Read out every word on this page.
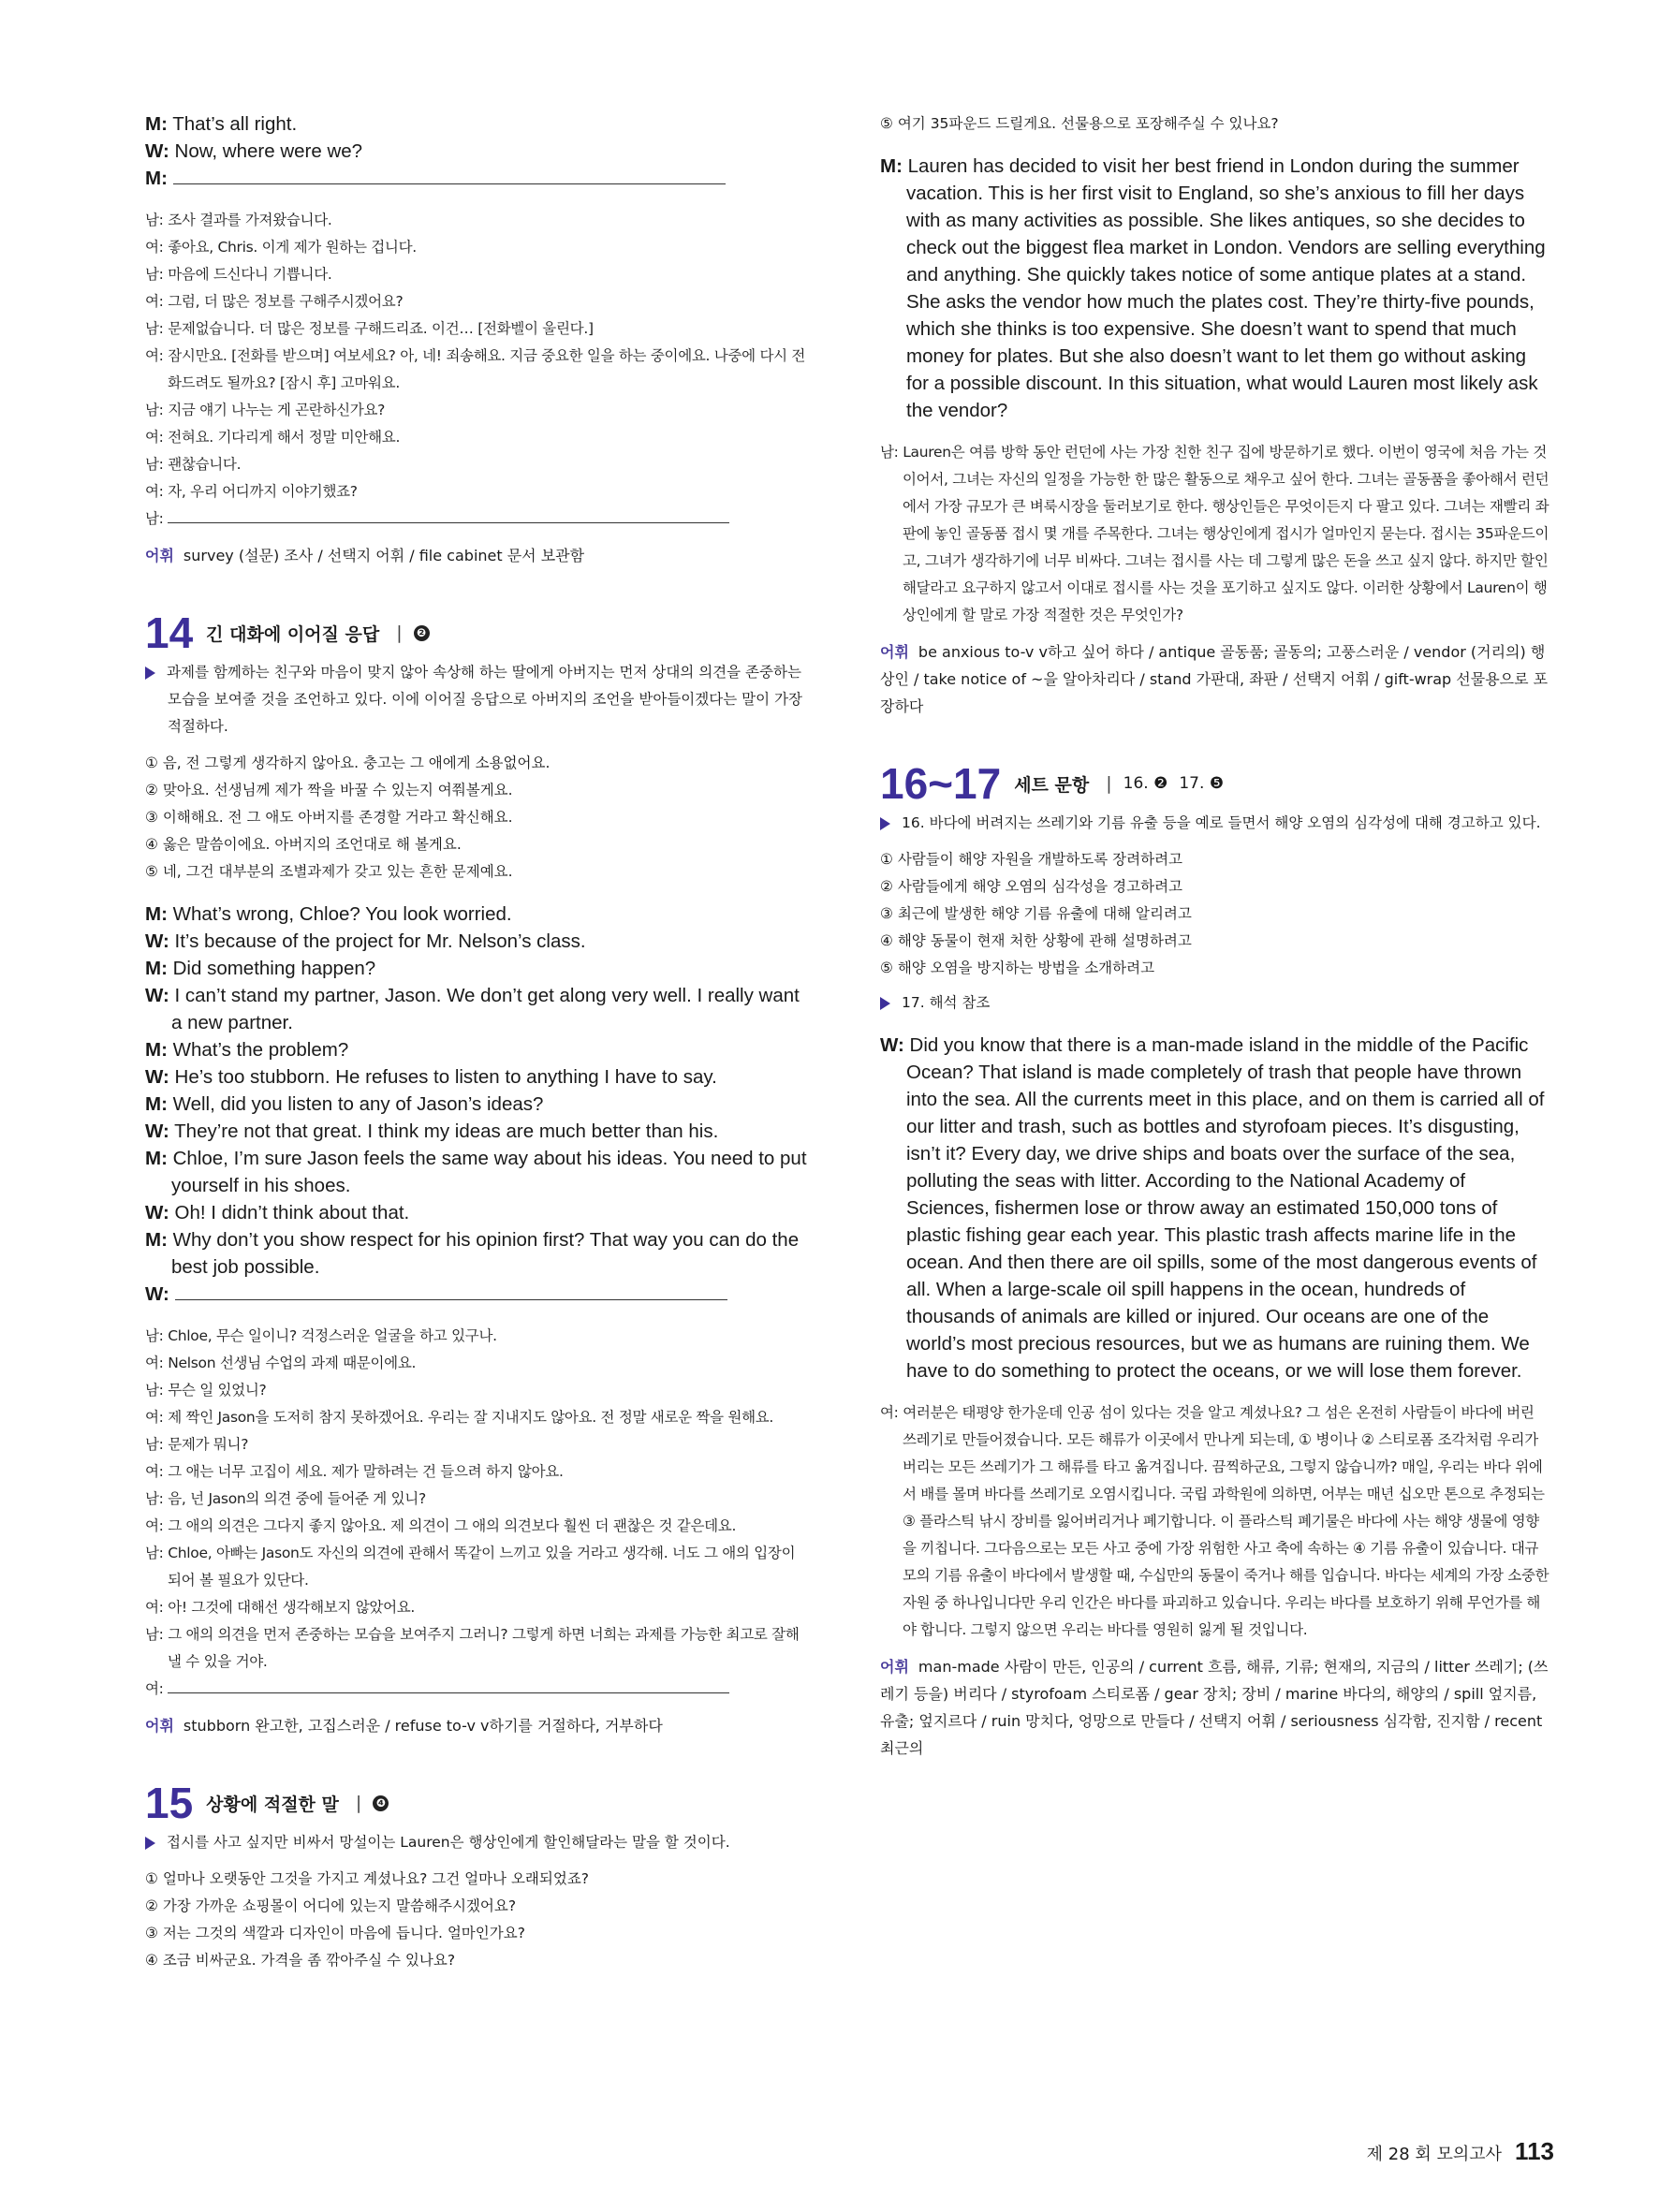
M: That’s all right.
W: Now, where were we?
M:
남: 조사 결과를 가져왔습니다.
여: 좋아요, Chris. 이게 제가 원하는 겁니다.
남: 마음에 드신다니 기쁩니다.
여: 그럼, 더 많은 정보를 구해주시겠어요?
남: 문제없습니다. 더 많은 정보를 구해드리죠. 이건… [전화벨이 울린다.]
여: 잠시만요. [전화를 받으며] 여보세요? 아, 네! 죄송해요. 지금 중요한 일을 하는 중이에요. 나중에 다시 전화드려도 될까요? [잠시 후] 고마워요.
남: 지금 얘기 나누는 게 곤란하신가요?
여: 전혀요. 기다리게 해서 정말 미안해요.
남: 괜찮습니다.
여: 자, 우리 어디까지 이야기했죠?
남:
어휘 survey (설문) 조사 / 선택지 어휘 / file cabinet 문서 보관함
14 긴 대화에 이어질 응답 | ❷
과제를 함께하는 친구와 마음이 맞지 않아 속상해 하는 딸에게 아버지는 먼저 상대의 의견을 존중하는 모습을 보여줄 것을 조언하고 있다. 이에 이어질 응답으로 아버지의 조언을 받아들이겠다는 말이 가장 적절하다.
① 음, 전 그렇게 생각하지 않아요. 충고는 그 애에게 소용없어요.
② 맞아요. 선생님께 제가 짝을 바꿀 수 있는지 여쭤볼게요.
③ 이해해요. 전 그 애도 아버지를 존경할 거라고 확신해요.
④ 옳은 말씀이에요. 아버지의 조언대로 해 볼게요.
⑤ 네, 그건 대부분의 조별과제가 갖고 있는 흔한 문제예요.
M: What’s wrong, Chloe? You look worried.
W: It’s because of the project for Mr. Nelson’s class.
M: Did something happen?
W: I can’t stand my partner, Jason. We don’t get along very well. I really want a new partner.
M: What’s the problem?
W: He’s too stubborn. He refuses to listen to anything I have to say.
M: Well, did you listen to any of Jason’s ideas?
W: They’re not that great. I think my ideas are much better than his.
M: Chloe, I’m sure Jason feels the same way about his ideas. You need to put yourself in his shoes.
W: Oh! I didn’t think about that.
M: Why don’t you show respect for his opinion first? That way you can do the best job possible.
W:
남: Chloe, 무슨 일이니? 걱정스러운 얼굴을 하고 있구나.
여: Nelson 선생님 수업의 과제 때문이에요.
남: 무슨 일 있었니?
여: 제 짝인 Jason을 도저히 참지 못하겠어요. 우리는 잘 지내지도 않아요. 전 정말 새로운 짝을 원해요.
남: 문제가 뭐니?
여: 그 애는 너무 고집이 세요. 제가 말하려는 건 들으려 하지 않아요.
남: 음, 넌 Jason의 의견 중에 들어준 게 있니?
여: 그 애의 의견은 그다지 좋지 않아요. 제 의견이 그 애의 의견보다 훨씬 더 괜찮은 것 같은데요.
남: Chloe, 아빠는 Jason도 자신의 의견에 관해서 똑같이 느끼고 있을 거라고 생각해. 너도 그 애의 입장이 되어 볼 필요가 있단다.
여: 아! 그것에 대해선 생각해보지 않았어요.
남: 그 애의 의견을 먼저 존중하는 모습을 보여주지 그러니? 그렇게 하면 너희는 과제를 가능한 최고로 잘해낼 수 있을 거야.
여:
어휘 stubborn 완고한, 고집스러운 / refuse to-v v하기를 거절하다, 거부하다
15 상황에 적절한 말 | ❹
접시를 사고 싶지만 비싸서 망설이는 Lauren은 행상인에게 할인해달라는 말을 할 것이다.
① 얼마나 오랫동안 그것을 가지고 계셨나요? 그건 얼마나 오래되었죠?
② 가장 가까운 쇼핑몰이 어디에 있는지 말씀해주시겠어요?
③ 저는 그것의 색깔과 디자인이 마음에 듭니다. 얼마인가요?
④ 조금 비싸군요. 가격을 좀 깎아주실 수 있나요?
⑤ 여기 35파운드 드릴게요. 선물용으로 포장해주실 수 있나요?
M: Lauren has decided to visit her best friend in London during the summer vacation. This is her first visit to England, so she’s anxious to fill her days with as many activities as possible. She likes antiques, so she decides to check out the biggest flea market in London. Vendors are selling everything and anything. She quickly takes notice of some antique plates at a stand. She asks the vendor how much the plates cost. They’re thirty-five pounds, which she thinks is too expensive. She doesn’t want to spend that much money for plates. But she also doesn’t want to let them go without asking for a possible discount. In this situation, what would Lauren most likely ask the vendor?
남: Lauren은 여름 방학 동안 런던에 사는 가장 친한 친구 집에 방문하기로 했다. 이번이 영국에 처음 가는 것이어서, 그녀는 자신의 일정을 가능한 한 많은 활동으로 채우고 싶어 한다. 그녀는 골동품을 좋아해서 런던에서 가장 규모가 큰 벼룩시장을 둘러보기로 한다. 행상인들은 무엇이든지 다 팔고 있다. 그녀는 재빨리 좌판에 놓인 골동품 접시 몇 개를 주목한다. 그녀는 행상인에게 접시가 얼마인지 묻는다. 접시는 35파운드이고, 그녀가 생각하기에 너무 비싸다. 그녀는 접시를 사는 데 그렇게 많은 돈을 쓰고 싶지 않다. 하지만 할인해달라고 요구하지 않고서 이대로 접시를 사는 것을 포기하고 싶지도 않다. 이러한 상황에서 Lauren이 행상인에게 할 말로 가장 적절한 것은 무엇인가?
어휘 be anxious to-v v하고 싶어 하다 / antique 골동품; 골동의; 고풍스러운 / vendor (거리의) 행상인 / take notice of ~을 알아차리다 / stand 가판대, 좌판 / 선택지 어휘 / gift-wrap 선물용으로 포장하다
16~17 세트 문항 | 16. ❷ 17. ❺
16. 바다에 버려지는 쓰레기와 기름 유출 등을 예로 들면서 해양 오염의 심각성에 대해 경고하고 있다.
① 사람들이 해양 자원을 개발하도록 장려하려고
② 사람들에게 해양 오염의 심각성을 경고하려고
③ 최근에 발생한 해양 기름 유출에 대해 알리려고
④ 해양 동물이 현재 처한 상황에 관해 설명하려고
⑤ 해양 오염을 방지하는 방법을 소개하려고
17. 해석 참조
W: Did you know that there is a man-made island in the middle of the Pacific Ocean? That island is made completely of trash that people have thrown into the sea. All the currents meet in this place, and on them is carried all of our litter and trash, such as bottles and styrofoam pieces. It’s disgusting, isn’t it? Every day, we drive ships and boats over the surface of the sea, polluting the seas with litter. According to the National Academy of Sciences, fishermen lose or throw away an estimated 150,000 tons of plastic fishing gear each year. This plastic trash affects marine life in the ocean. And then there are oil spills, some of the most dangerous events of all. When a large-scale oil spill happens in the ocean, hundreds of thousands of animals are killed or injured. Our oceans are one of the world’s most precious resources, but we as humans are ruining them. We have to do something to protect the oceans, or we will lose them forever.
여: 여러분은 태평양 한가운데 인공 섬이 있다는 것을 알고 계셨나요? 그 섬은 온전히 사람들이 바다에 버린 쓰레기로 만들어졌습니다. 모든 해류가 이곳에서 만나게 되는데, ① 병이나 ② 스티로폼 조각처럼 우리가 버리는 모든 쓰레기가 그 해류를 타고 옮겨집니다. 끔찍하군요, 그렇지 않습니까? 매일, 우리는 바다 위에서 배를 몰며 바다를 쓰레기로 오염시킵니다. 국립 과학원에 의하면, 어부는 매년 십오만 톤으로 추정되는 ③ 플라스틱 낚시 장비를 잃어버리거나 폐기합니다. 이 플라스틱 폐기물은 바다에 사는 해양 생물에 영향을 끼칩니다. 그다음으로는 모든 사고 중에 가장 위험한 사고 축에 속하는 ④ 기름 유출이 있습니다. 대규모의 기름 유출이 바다에서 발생할 때, 수십만의 동물이 죽거나 해를 입습니다. 바다는 세계의 가장 소중한 자원 중 하나입니다만 우리 인간은 바다를 파괴하고 있습니다. 우리는 바다를 보호하기 위해 무언가를 해야 합니다. 그렇지 않으면 우리는 바다를 영원히 잃게 될 것입니다.
어휘 man-made 사람이 만든, 인공의 / current 흐름, 해류, 기류; 현재의, 지금의 / litter 쓰레기; (쓰레기 등을) 버리다 / styrofoam 스티로폼 / gear 장치; 장비 / marine 바다의, 해양의 / spill 엎지름, 유출; 엎지르다 / ruin 망치다, 엉망으로 만들다 / 선택지 어휘 / seriousness 심각함, 진지함 / recent 최근의
제 28 회 모의고사 113
